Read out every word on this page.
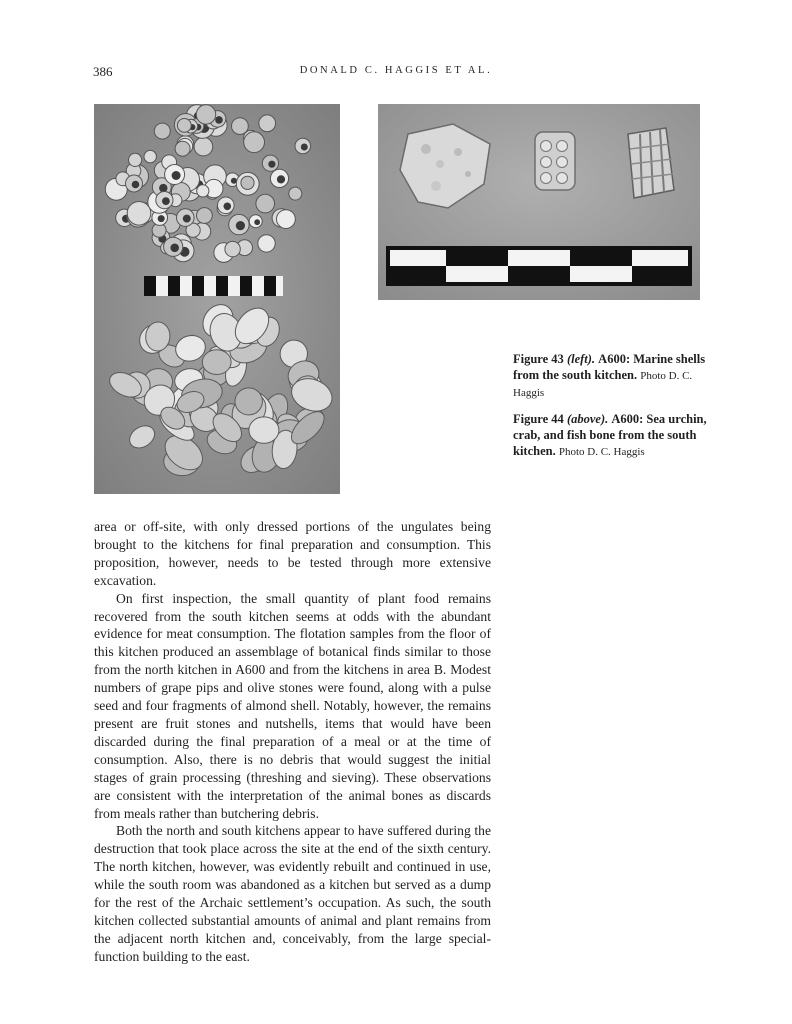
386	DONALD C. HAGGIS ET AL.
Figure 43 (left). A600: Marine shells from the south kitchen. Photo D. C. Haggis
Figure 44 (above). A600: Sea urchin, crab, and fish bone from the south kitchen. Photo D. C. Haggis

area or off-site, with only dressed portions of the ungulates being brought to the kitchens for final preparation and consumption. This proposition, however, needs to be tested through more extensive excavation.

On first inspection, the small quantity of plant food remains recovered from the south kitchen seems at odds with the abundant evidence for meat consumption. The flotation samples from the floor of this kitchen produced an assemblage of botanical finds similar to those from the north kitchen in A600 and from the kitchens in area B. Modest numbers of grape pips and olive stones were found, along with a pulse seed and four fragments of almond shell. Notably, however, the remains present are fruit stones and nutshells, items that would have been discarded during the final preparation of a meal or at the time of consumption. Also, there is no debris that would suggest the initial stages of grain processing (threshing and sieving). These observations are consistent with the interpretation of the animal bones as discards from meals rather than butchering debris.

Both the north and south kitchens appear to have suffered during the destruction that took place across the site at the end of the sixth century. The north kitchen, however, was evidently rebuilt and continued in use, while the south room was abandoned as a kitchen but served as a dump for the rest of the Archaic settlement’s occupation. As such, the south kitchen collected substantial amounts of animal and plant remains from the adjacent north kitchen and, conceivably, from the large special-function building to the east.
